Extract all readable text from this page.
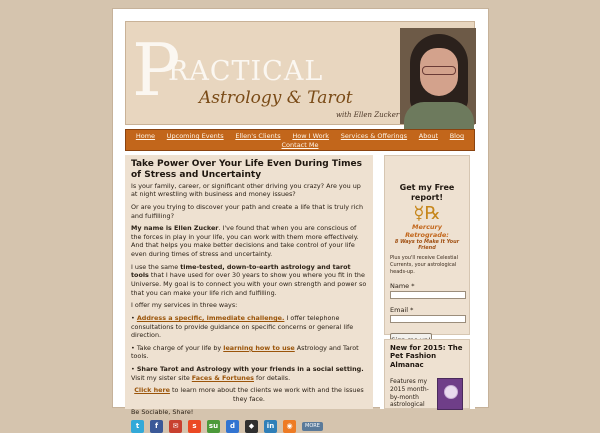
P
RACTICAL
Astrology & Tarot
with Ellen Zucker
Home Upcoming Events Ellen's Clients How I Work Services & Offerings About Blog
Contact Me
Take Power Over Your Life Even During Times of Stress and Uncertainty

Is your family, career, or significant other driving you crazy? Are you up at night wrestling with business and money issues?

Or are you trying to discover your path and create a life that is truly rich and fulfilling?

My name is Ellen Zucker. I've found that when you are conscious of the forces in play in your life, you can work with them more effectively. And that helps you make better decisions and take control of your life even during times of stress and uncertainty.

I use the same time-tested, down-to-earth astrology and tarot tools that I have used for over 30 years to show you where you fit in the Universe. My goal is to connect you with your own strength and power so that you can make your life rich and fulfilling.

I offer my services in three ways:

• Address a specific, immediate challenge. I offer telephone consultations to provide guidance on specific concerns or general life direction.

• Take charge of your life by learning how to use Astrology and Tarot tools.

• Share Tarot and Astrology with your friends in a social setting. Visit my sister site Faces & Fortunes for details.

Click here to learn more about the clients we work with and the issues they face.

Be Sociable, Share!

t	f	✉	s	su	d	◆	in	◉	MORE
Get my Free report!
☿℞
Mercury Retrograde:
8 Ways to Make It Your Friend
Plus you'll receive Celestial Currents, your astrological heads-up.
Name *
Email *
New for 2015: The Pet Fashion Almanac
Features my 2015 month-by-month astrological
